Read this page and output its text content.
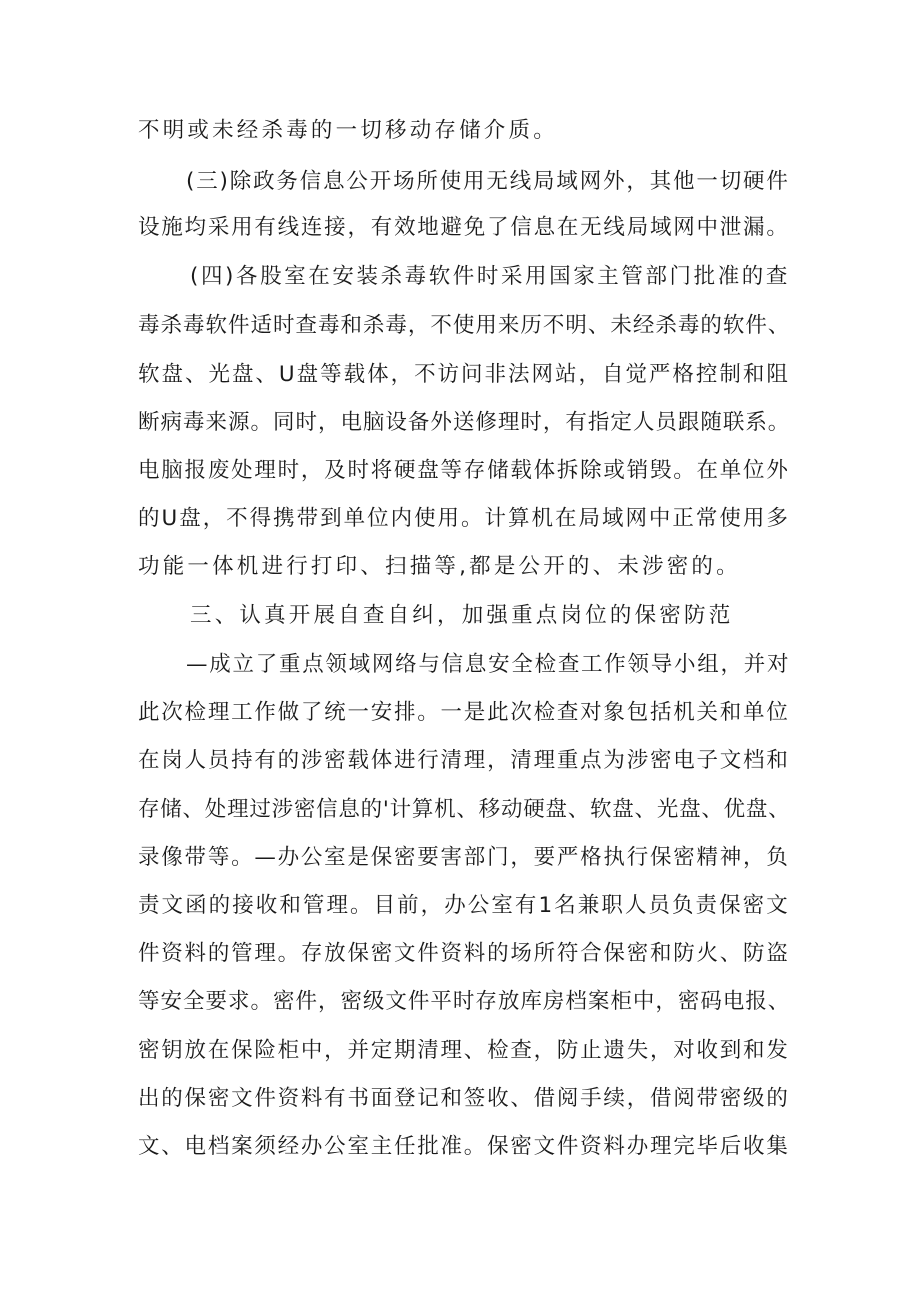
不明或未经杀毒的一切移动存储介质。
(三)除政务信息公开场所使用无线局域网外，其他一切硬件
设施均采用有线连接，有效地避免了信息在无线局域网中泄漏。
(四)各股室在安装杀毒软件时采用国家主管部门批准的查
毒杀毒软件适时查毒和杀毒，不使用来历不明、未经杀毒的软件、
软盘、光盘、U盘等载体，不访问非法网站，自觉严格控制和阻
断病毒来源。同时，电脑设备外送修理时，有指定人员跟随联系。
电脑报废处理时，及时将硬盘等存储载体拆除或销毁。在单位外
的U盘，不得携带到单位内使用。计算机在局域网中正常使用多
功能一体机进行打印、扫描等,都是公开的、未涉密的。
三、认真开展自查自纠，加强重点岗位的保密防范
—成立了重点领域网络与信息安全检查工作领导小组，并对
此次检理工作做了统一安排。一是此次检查对象包括机关和单位
在岗人员持有的涉密载体进行清理，清理重点为涉密电子文档和
存储、处理过涉密信息的'计算机、移动硬盘、软盘、光盘、优盘、
录像带等。—办公室是保密要害部门，要严格执行保密精神，负
责文函的接收和管理。目前，办公室有1名兼职人员负责保密文
件资料的管理。存放保密文件资料的场所符合保密和防火、防盗
等安全要求。密件，密级文件平时存放库房档案柜中，密码电报、
密钥放在保险柜中，并定期清理、检查，防止遗失，对收到和发
出的保密文件资料有书面登记和签收、借阅手续，借阅带密级的
文、电档案须经办公室主任批准。保密文件资料办理完毕后收集
